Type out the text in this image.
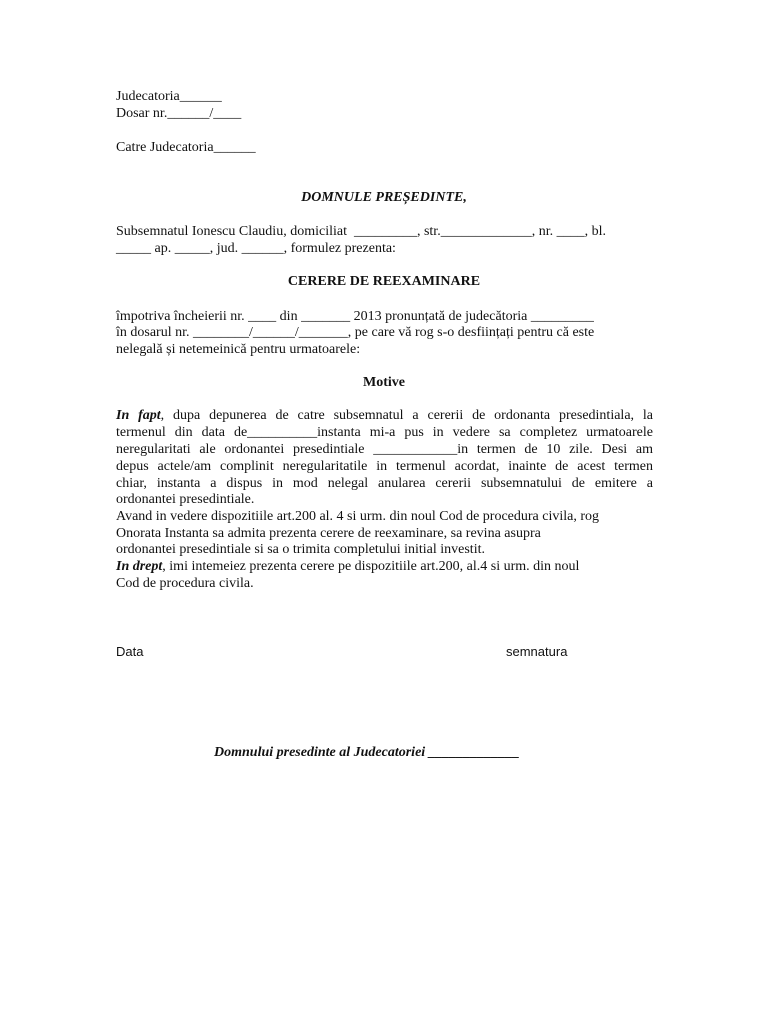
Judecatoria______
Dosar nr.______/____
Catre Judecatoria______
DOMNULE PREȘEDINTE,
Subsemnatul Ionescu Claudiu, domiciliat  _________, str._____________, nr. ____, bl.
_____ ap. _____, jud. ______, formulez prezenta:
CERERE DE REEXAMINARE
împotriva încheierii nr. ____ din _______ 2013 pronunțată de judecătoria _________
în dosarul nr. ________/______/_______, pe care vă rog s-o desființați pentru că este
nelegală și netemeinică pentru urmatoarele:
Motive
In fapt, dupa depunerea de catre subsemnatul a cererii de ordonanta presedintiala, la
termenul din data de__________instanta mi-a pus in vedere sa completez urmatoarele
neregularitati ale ordonantei presedintiale ____________in termen de 10 zile. Desi am
depus actele/am complinit neregularitatile in termenul acordat, inainte de acest termen
chiar, instanta a dispus in mod nelegal anularea cererii subsemnatului de emitere a
ordonantei presedintiale.
Avand in vedere dispozitiile art.200 al. 4 si urm. din noul Cod de procedura civila, rog
Onorata Instanta sa admita prezenta cerere de reexaminare, sa revina asupra
ordonantei presedintiale si sa o trimita completului initial investit.
In drept, imi intemeiez prezenta cerere pe dispozitiile art.200, al.4 si urm. din noul
Cod de procedura civila.
Data	semnatura
Domnului presedinte al Judecatoriei _____________
